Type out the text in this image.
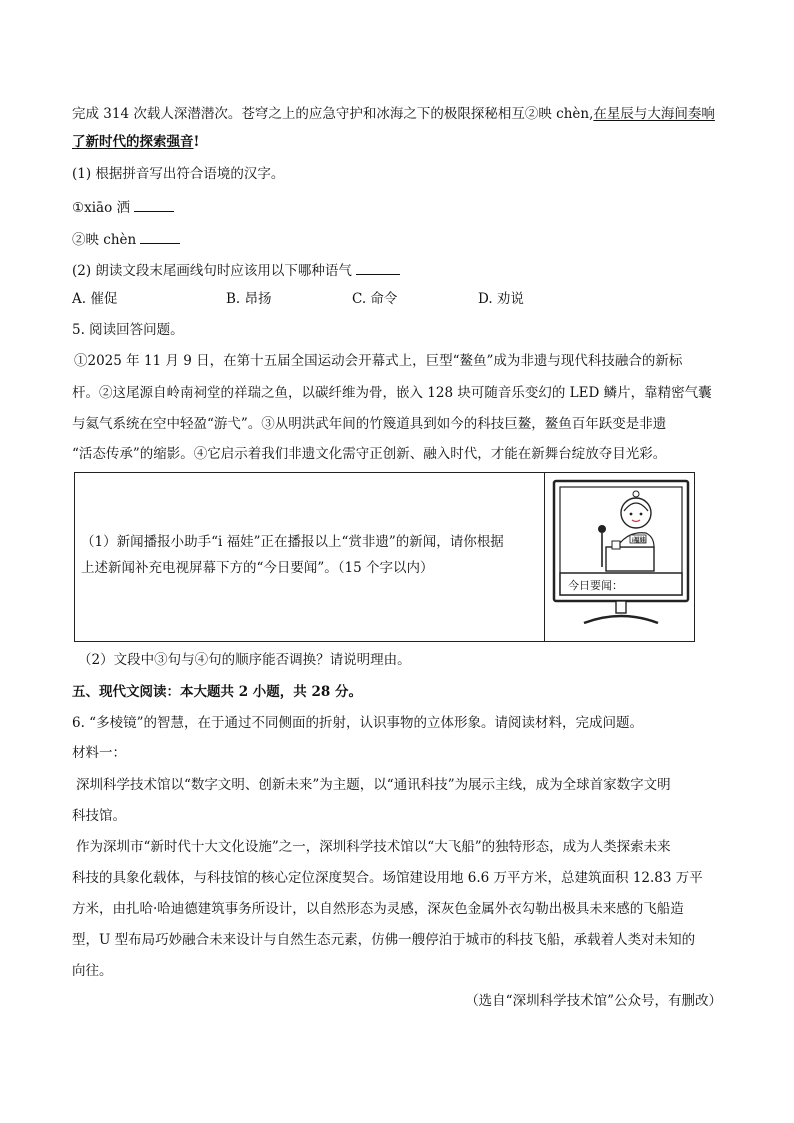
完成 314 次载人深潜潜次。苍穹之上的应急守护和冰海之下的极限探秘相互②映 chèn,在星辰与大海间奏响
了新时代的探索强音!
(1) 根据拼音写出符合语境的汉字。
①xiāo 洒
②映 chèn
(2) 朗读文段末尾画线句时应该用以下哪种语气
A. 催促	B. 昂扬	C. 命令	D. 劝说
5. 阅读回答问题。
①2025 年 11 月 9 日，在第十五届全国运动会开幕式上，巨型“鳌鱼”成为非遗与现代科技融合的新标
杆。②这尾源自岭南祠堂的祥瑞之鱼，以碳纤维为骨，嵌入 128 块可随音乐变幻的 LED 鳞片，靠精密气囊
与氦气系统在空中轻盈“游弋”。③从明洪武年间的竹篾道具到如今的科技巨鳌，鳌鱼百年跃变是非遗
“活态传承”的缩影。④它启示着我们非遗文化需守正创新、融入时代，才能在新舞台绽放夺目光彩。
（2）文段中③句与④句的顺序能否调换？请说明理由。
五、现代文阅读：本大题共 2 小题，共 28 分。
6. “多棱镜”的智慧，在于通过不同侧面的折射，认识事物的立体形象。请阅读材料，完成问题。
材料一：
深圳科学技术馆以“数字文明、创新未来”为主题，以“通讯科技”为展示主线，成为全球首家数字文明
科技馆。
作为深圳市“新时代十大文化设施”之一，深圳科学技术馆以“大飞船”的独特形态，成为人类探索未来
科技的具象化载体，与科技馆的核心定位深度契合。场馆建设用地 6.6 万平方米，总建筑面积 12.83 万平
方米，由扎哈·哈迪德建筑事务所设计，以自然形态为灵感，深灰色金属外衣勾勒出极具未来感的飞船造
型，U 型布局巧妙融合未来设计与自然生态元素，仿佛一艘停泊于城市的科技飞船，承载着人类对未知的
向往。
（1）新闻播报小助手“i 福娃”正在播报以上“赏非遗”的新闻，请你根据
上述新闻补充电视屏幕下方的“今日要闻”。（15 个字以内）
今日要闻：
i福娃
（选自“深圳科学技术馆”公众号，有删改）
